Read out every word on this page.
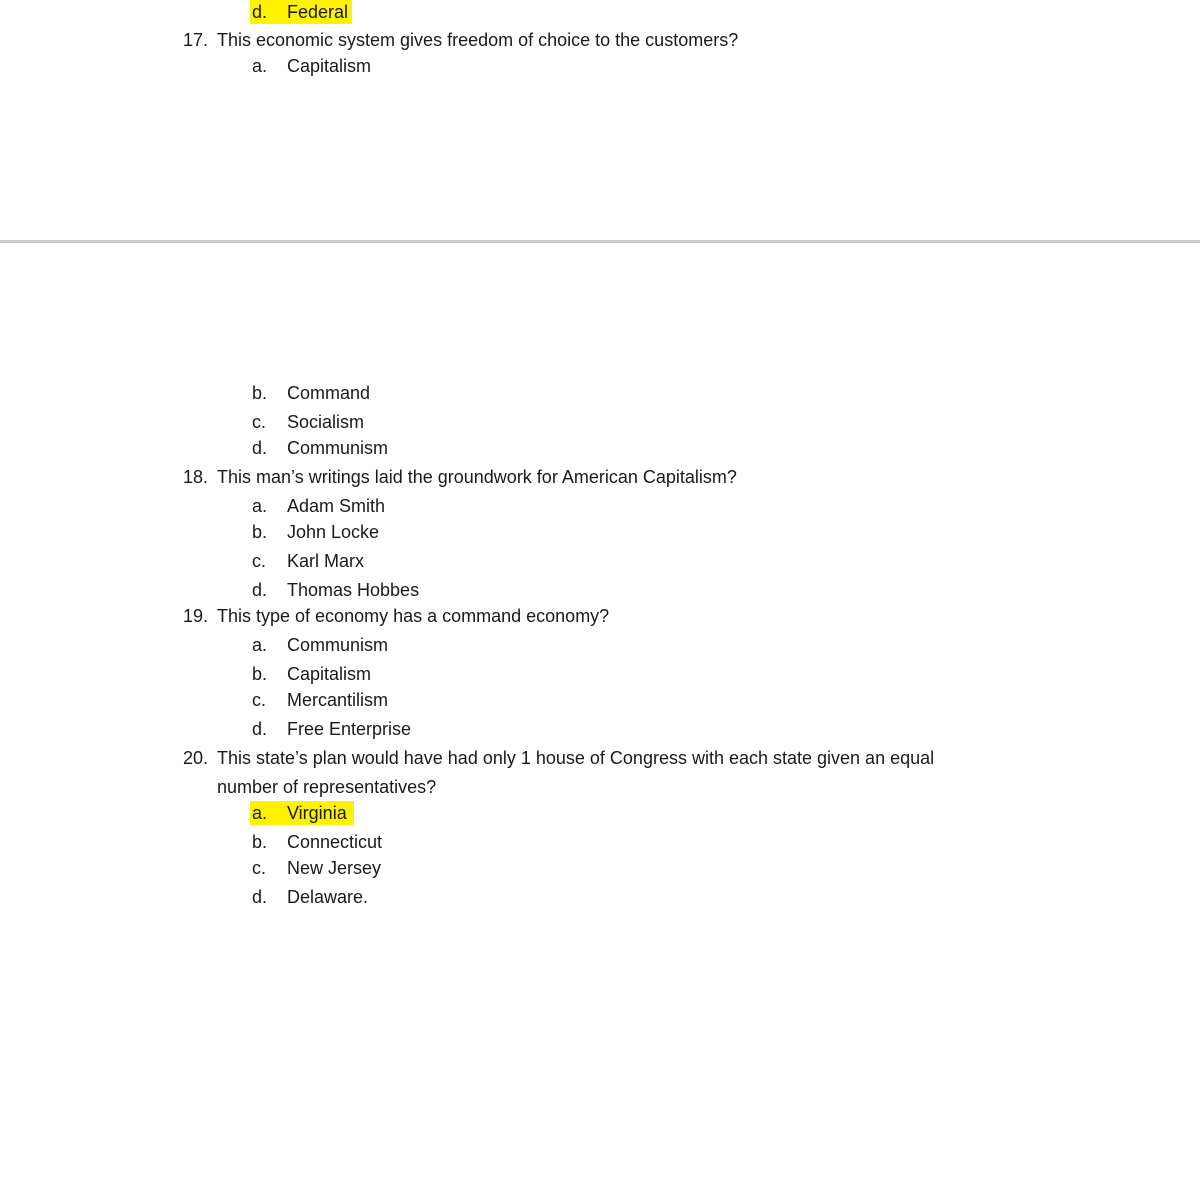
d. Federal
17. This economic system gives freedom of choice to the customers?
a. Capitalism
b. Command
c. Socialism
d. Communism
18. This man’s writings laid the groundwork for American Capitalism?
a. Adam Smith
b. John Locke
c. Karl Marx
d. Thomas Hobbes
19. This type of economy has a command economy?
a. Communism
b. Capitalism
c. Mercantilism
d. Free Enterprise
20. This state’s plan would have had only 1 house of Congress with each state given an equal
number of representatives?
a. Virginia
b. Connecticut
c. New Jersey
d. Delaware.
